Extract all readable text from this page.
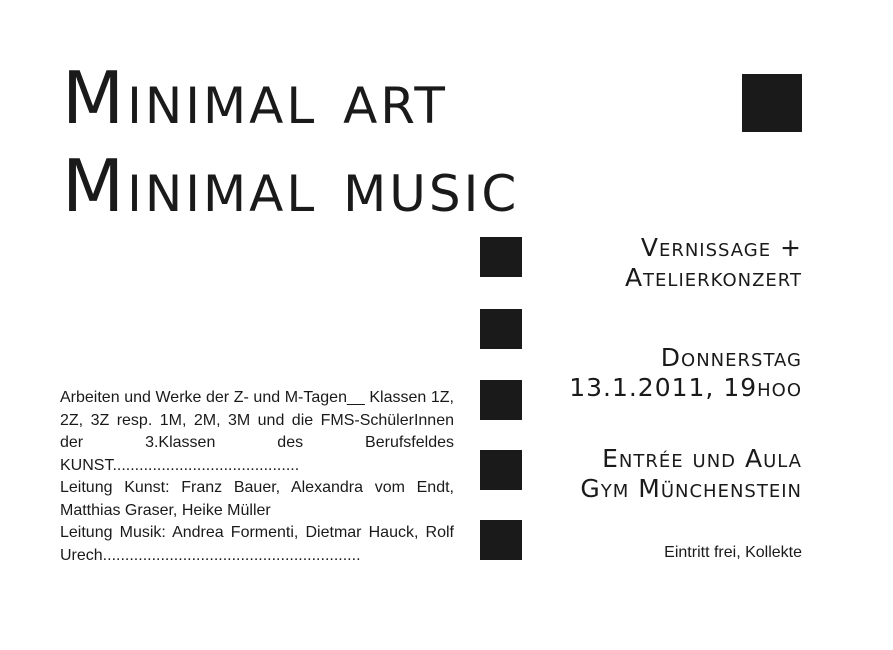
Minimal art
Minimal music
Vernissage +
Atelierkonzert
Donnerstag
13.1.2011, 19hoo
Entrée und Aula
Gym Münchenstein
Eintritt frei, Kollekte

Arbeiten und Werke der Z- und M-Tagen__ Klassen 1Z, 2Z, 3Z resp. 1M, 2M, 3M und die FMS-SchülerInnen der 3.Klassen des Berufsfeldes KUNST..........................................

Leitung Kunst: Franz Bauer, Alexandra vom Endt, Matthias Graser, Heike Müller

Leitung Musik: Andrea Formenti, Dietmar Hauck, Rolf Urech..........................................................
